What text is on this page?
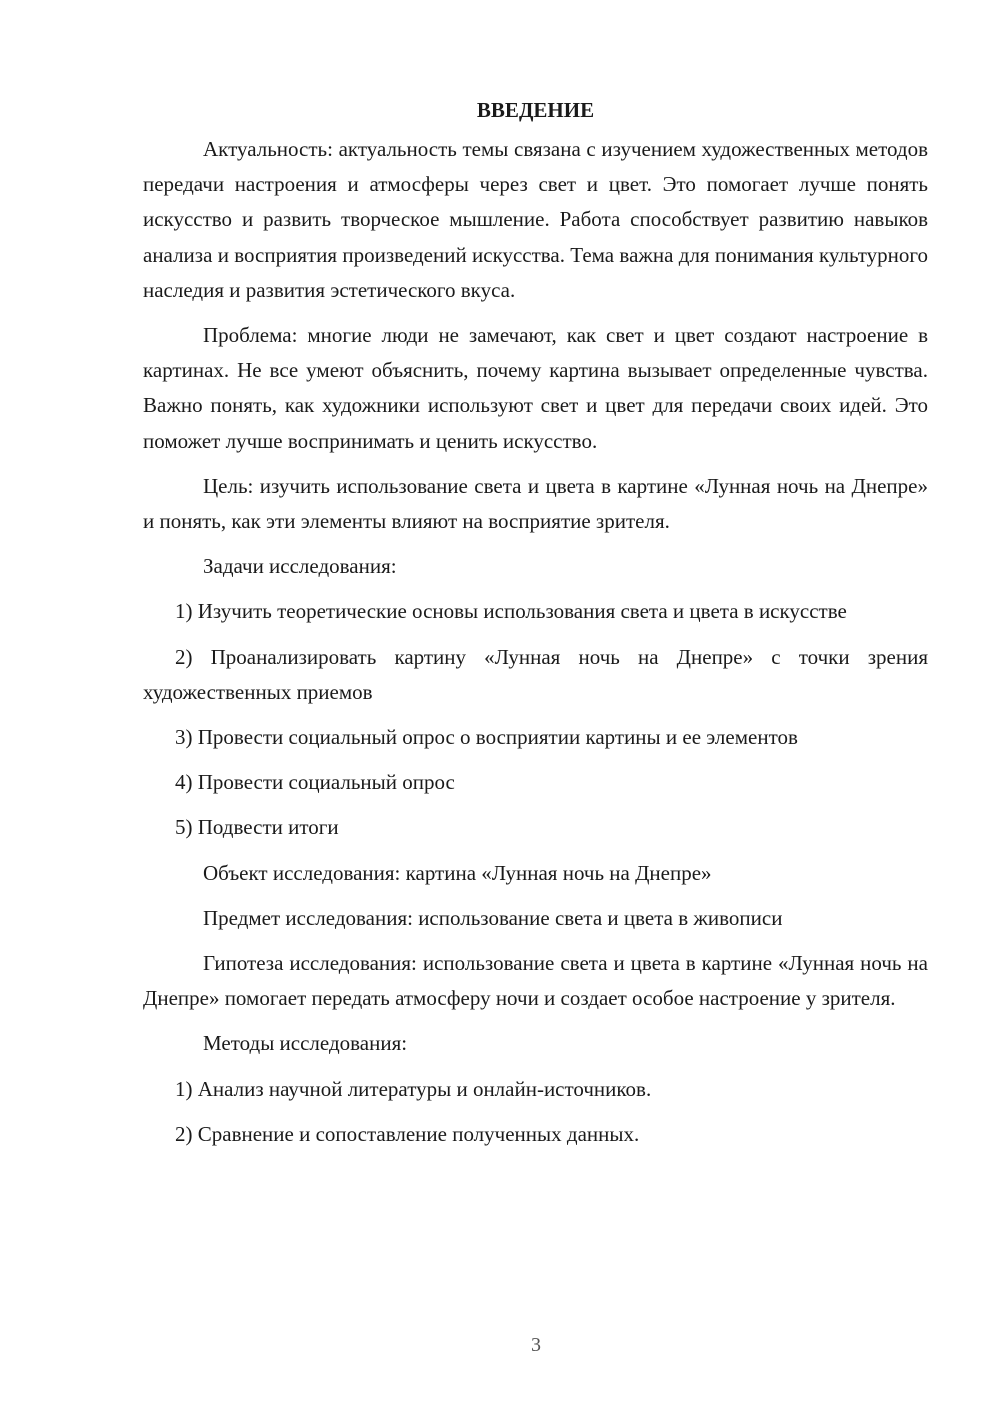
ВВЕДЕНИЕ

Актуальность: актуальность темы связана с изучением художественных методов передачи настроения и атмосферы через свет и цвет. Это помогает лучше понять искусство и развить творческое мышление. Работа способствует развитию навыков анализа и восприятия произведений искусства. Тема важна для понимания культурного наследия и развития эстетического вкуса.

Проблема: многие люди не замечают, как свет и цвет создают настроение в картинах. Не все умеют объяснить, почему картина вызывает определенные чувства. Важно понять, как художники используют свет и цвет для передачи своих идей. Это поможет лучше воспринимать и ценить искусство.

Цель: изучить использование света и цвета в картине «Лунная ночь на Днепре» и понять, как эти элементы влияют на восприятие зрителя.

Задачи исследования:

1) Изучить теоретические основы использования света и цвета в искусстве

2) Проанализировать картину «Лунная ночь на Днепре» с точки зрения художественных приемов

3) Провести социальный опрос о восприятии картины и ее элементов

4) Провести социальный опрос

5) Подвести итоги

Объект исследования: картина «Лунная ночь на Днепре»

Предмет исследования: использование света и цвета в живописи

Гипотеза исследования: использование света и цвета в картине «Лунная ночь на Днепре» помогает передать атмосферу ночи и создает особое настроение у зрителя.

Методы исследования:

1) Анализ научной литературы и онлайн-источников.

2) Сравнение и сопоставление полученных данных.

3
